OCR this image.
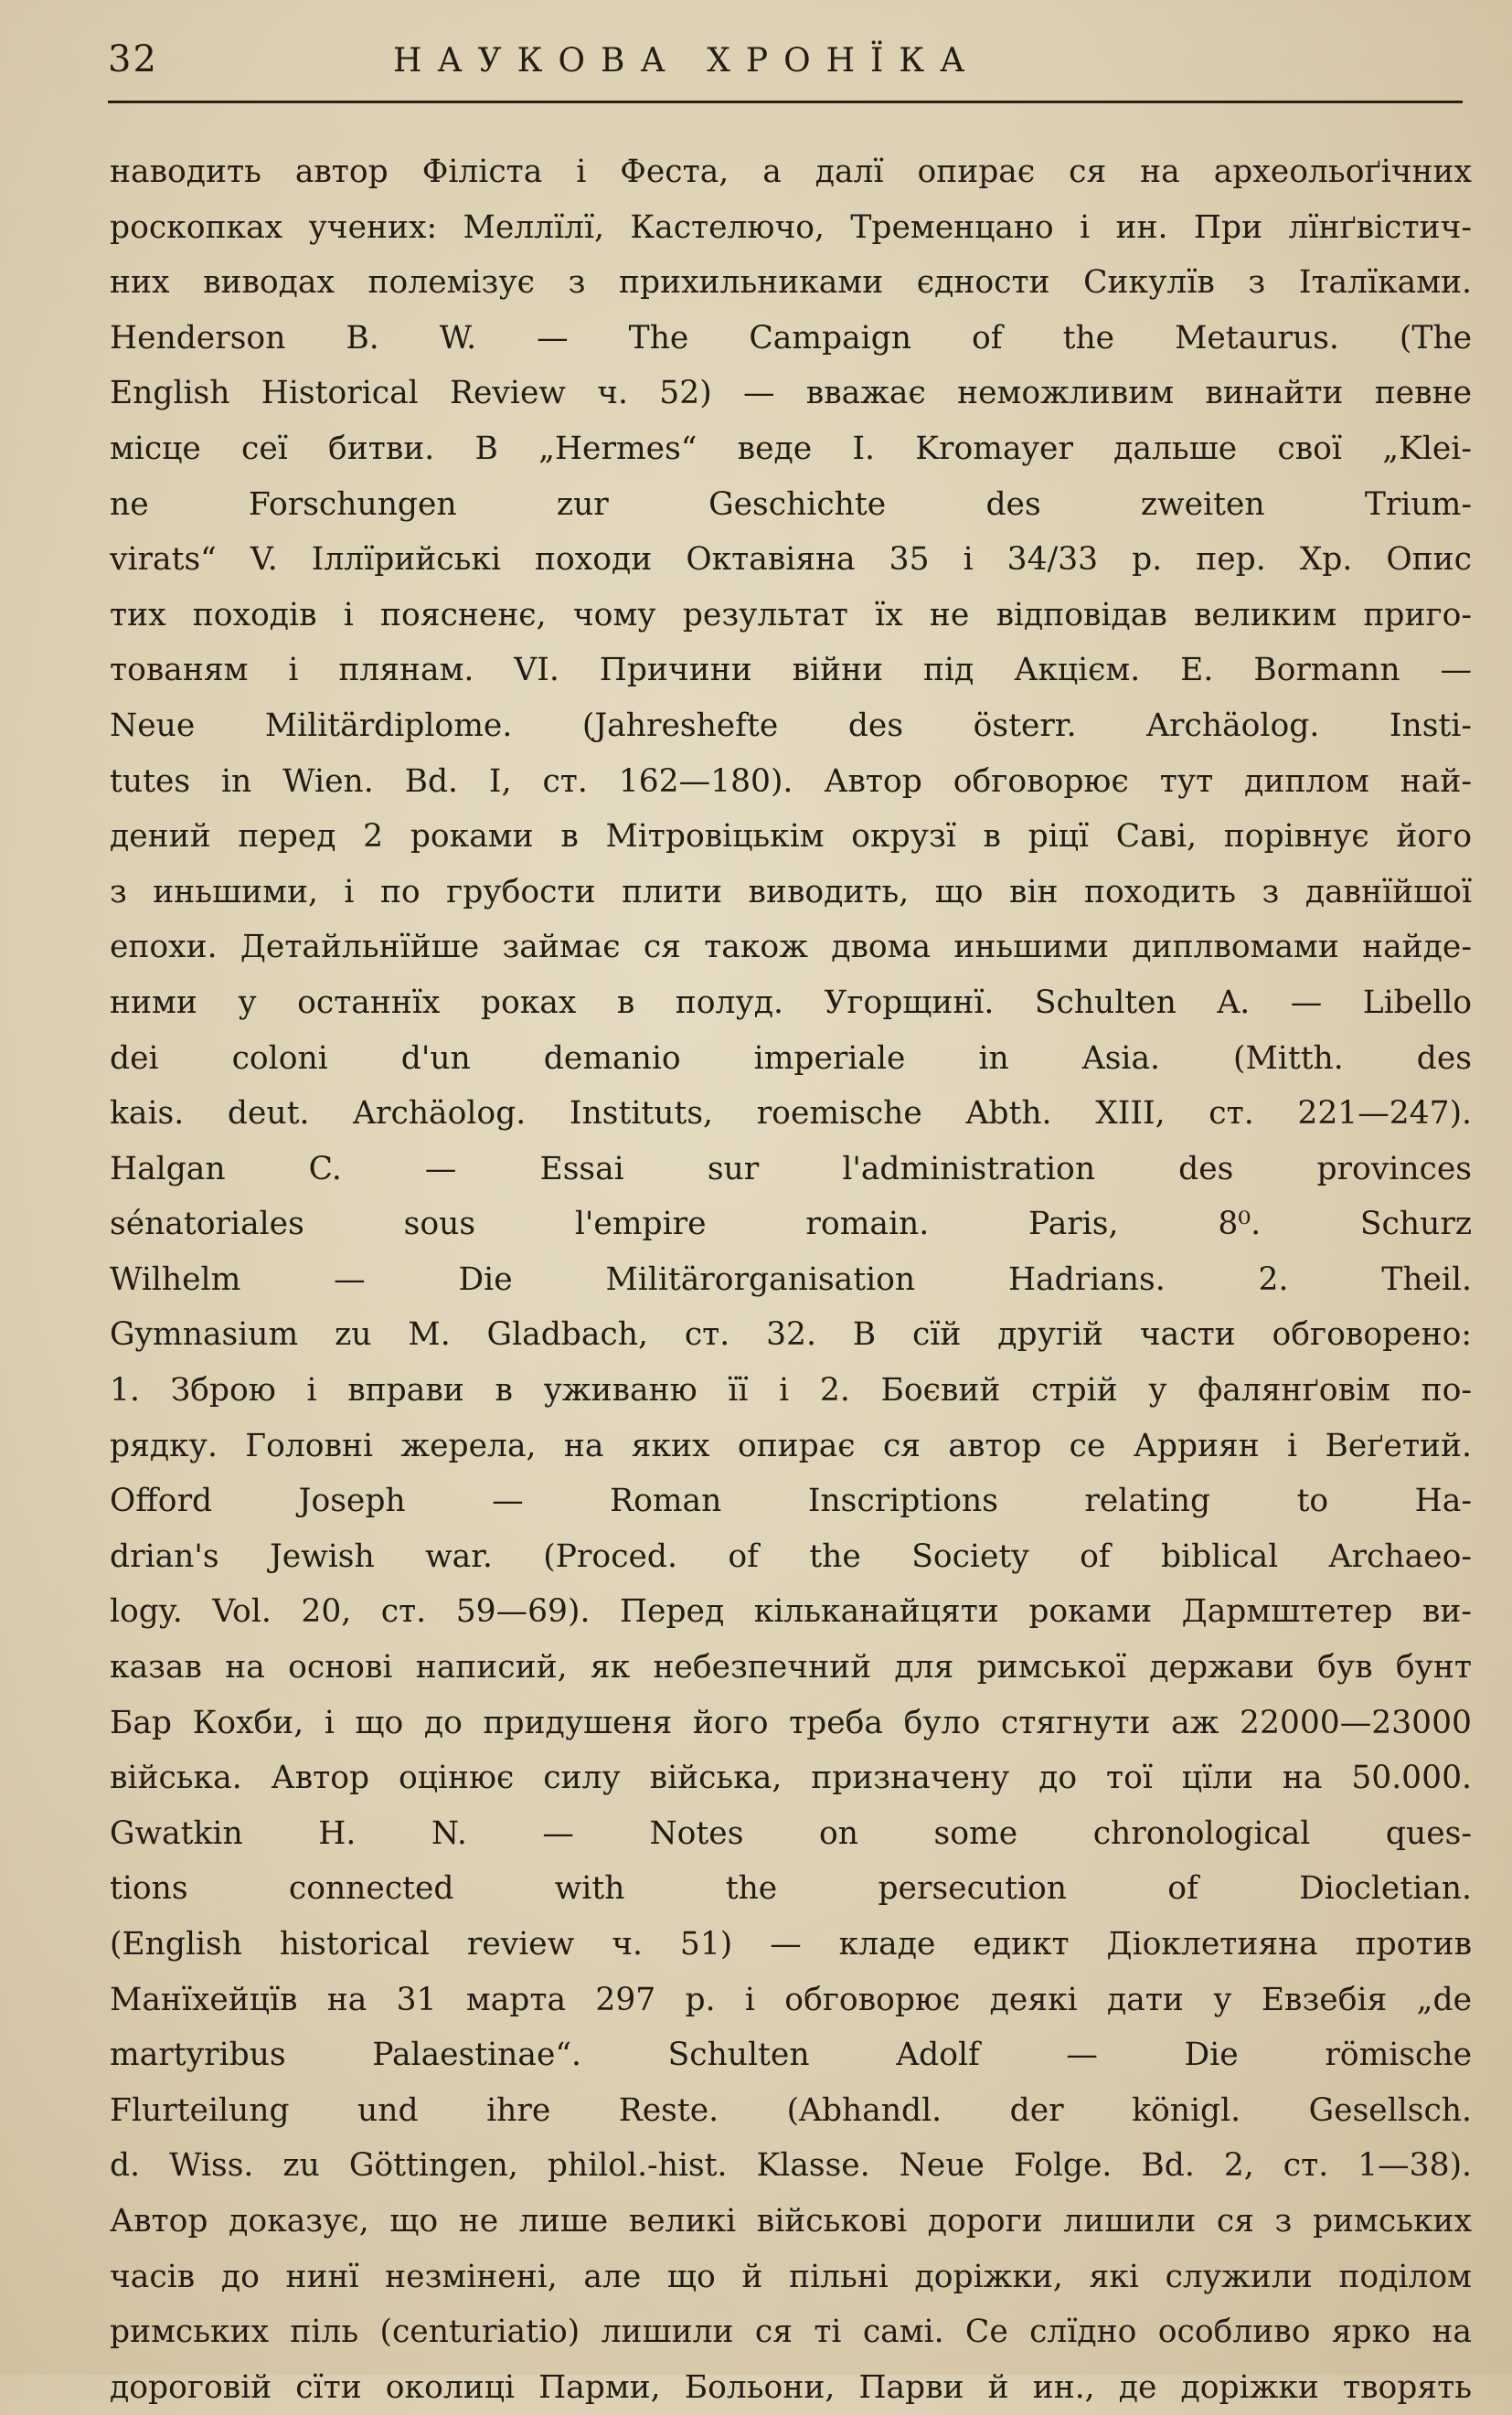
32	НАУКОВА ХРОНЇКА
наводить автор Філіста і Феста, а далї опирає ся на археольоґічних
роскопках учених: Меллїлї, Кастелючо, Тременцано і ин. При лїнґвістич-
них виводах полемізує з прихильниками єдности Сикулїв з Італїками.
Henderson B. W. — The Campaign of the Metaurus. (The
English Historical Review ч. 52) — вважає неможливим винайти певне
місце сеї битви. В „Hermes“ веде I. Kromayer дальше свої „Klei-
ne Forschungen zur Geschichte des zweiten Trium-
virats“ V. Іллїрийські походи Октавіяна 35 і 34/33 р. пер. Хр. Опис
тих походів і поясненє, чому результат їх не відповідав великим приго-
тованям і плянам. VI. Причини війни під Акцієм. E. Bormann —
Neue Militärdiplome. (Jahreshefte des österr. Archäolog. Insti-
tutes in Wien. Bd. I, ст. 162—180). Автор обговорює тут диплом най-
дений перед 2 роками в Мітровіцькім окрузї в ріцї Саві, порівнує його
з иньшими, і по грубости плити виводить, що він походить з давнїйшої
епохи. Детайльнїйше займає ся також двома иньшими диплвомами найде-
ними у останнїх роках в полуд. Угорщинї. Schulten A. — Libello
dei coloni d'un demanio imperiale in Asia. (Mitth. des
kais. deut. Archäolog. Instituts, roemische Abth. XIII, ст. 221—247).
Halgan C. — Essai sur l'administration des provinces
sénatoriales sous l'empire romain. Paris, 8⁰. Schurz
Wilhelm — Die Militärorganisation Hadrians. 2. Theil.
Gymnasium zu M. Gladbach, ст. 32. В сїй другій части обговорено:
1. Зброю і вправи в уживаню її і 2. Боєвий стрій у фалянґовім по-
рядку. Головні жерела, на яких опирає ся автор се Арриян і Веґетий.
Offord Joseph — Roman Inscriptions relating to Ha-
drian's Jewish war. (Proced. of the Society of biblical Archaeo-
logy. Vol. 20, ст. 59—69). Перед кільканайцяти роками Дармштетер ви-
казав на основі написий, як небезпечний для римської держави був бунт
Бар Кохби, і що до придушеня його треба було стягнути аж 22000—23000
війська. Автор оцінює силу війська, призначену до тої цїли на 50.000.
Gwatkin H. N. — Notes on some chronological ques-
tions connected with the persecution of Diocletian.
(English historical review ч. 51) — кладе едикт Діоклетияна против
Манїхейцїв на 31 марта 297 р. і обговорює деякі дати у Евзебія „de
martyribus Palaestinae“. Schulten Adolf — Die römische
Flurteilung und ihre Reste. (Abhandl. der königl. Gesellsch.
d. Wiss. zu Göttingen, philol.-hist. Klasse. Neue Folge. Bd. 2, ст. 1—38).
Автор доказує, що не лише великі військові дороги лишили ся з римських
часів до нинї незмінені, але що й пільні доріжки, які служили поділом
римських піль (centuriatio) лишили ся ті самі. Се слїдно особливо ярко на
дороговій сїти околиці Парми, Больони, Парви й ин., де доріжки творять
